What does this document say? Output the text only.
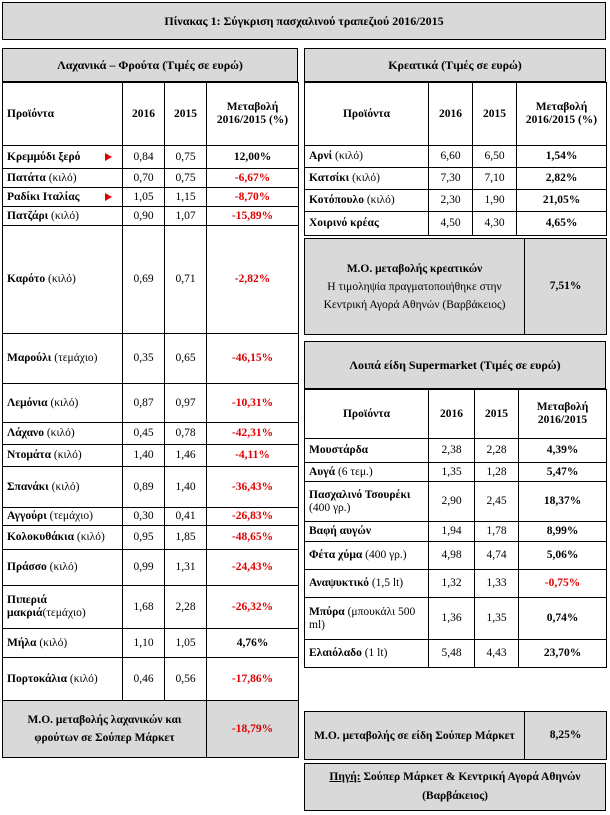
Πίνακας 1: Σύγκριση πασχαλινού τραπεζιού 2016/2015
Λαχανικά – Φρούτα (Τιμές σε ευρώ)	Κρεατικά (Τιμές σε ευρώ)
Προϊόντα	2016	2015	Μεταβολή 2016/2015 (%)
Κρεμμύδι ξερό	0,84	0,75	12,00%
Πατάτα (κιλό)	0,70	0,75	-6,67%
Ραδίκι Ιταλίας	1,05	1,15	-8,70%
Πατζάρι (κιλό)	0,90	1,07	-15,89%
Καρότο (κιλό)	0,69	0,71	-2,82%
Μαρούλι (τεμάχιο)	0,35	0,65	-46,15%
Λεμόνια (κιλό)	0,87	0,97	-10,31%
Λάχανο (κιλό)	0,45	0,78	-42,31%
Ντομάτα (κιλό)	1,40	1,46	-4,11%
Σπανάκι (κιλό)	0,89	1,40	-36,43%
Αγγούρι (τεμάχιο)	0,30	0,41	-26,83%
Κολοκυθάκια (κιλό)	0,95	1,85	-48,65%
Πράσσο (κιλό)	0,99	1,31	-24,43%
Πιπεριά μακριά(τεμάχιο)	1,68	2,28	-26,32%
Μήλα (κιλό)	1,10	1,05	4,76%
Πορτοκάλια (κιλό)	0,46	0,56	-17,86%
Μ.Ο. μεταβολής λαχανικών και φρούτων σε Σούπερ Μάρκετ			-18,79%
Προϊόντα	2016	2015	Μεταβολή 2016/2015 (%)
Αρνί (κιλό)	6,60	6,50	1,54%
Κατσίκι (κιλό)	7,30	7,10	2,82%
Κοτόπουλο (κιλό)	2,30	1,90	21,05%
Χοιρινό κρέας	4,50	4,30	4,65%
Μ.Ο. μεταβολής κρεατικών
Η τιμοληψία πραγματοποιήθηκε στην Κεντρική Αγορά Αθηνών (Βαρβάκειος)	7,51%
Λοιπά είδη Supermarket (Τιμές σε ευρώ)
Προϊόντα	2016	2015	Μεταβολή 2016/2015
Μουστάρδα	2,38	2,28	4,39%
Αυγά (6 τεμ.)	1,35	1,28	5,47%
Πασχαλινό Τσουρέκι (400 γρ.)	2,90	2,45	18,37%
Βαφή αυγών	1,94	1,78	8,99%
Φέτα χύμα (400 γρ.)	4,98	4,74	5,06%
Αναψυκτικό (1,5 lt)	1,32	1,33	-0,75%
Μπύρα (μπουκάλι 500 ml)	1,36	1,35	0,74%
Ελαιόλαδο (1 lt)	5,48	4,43	23,70%
Μ.Ο. μεταβολής σε είδη Σούπερ Μάρκετ	8,25%
Πηγή: Σούπερ Μάρκετ & Κεντρική Αγορά Αθηνών (Βαρβάκειος)
